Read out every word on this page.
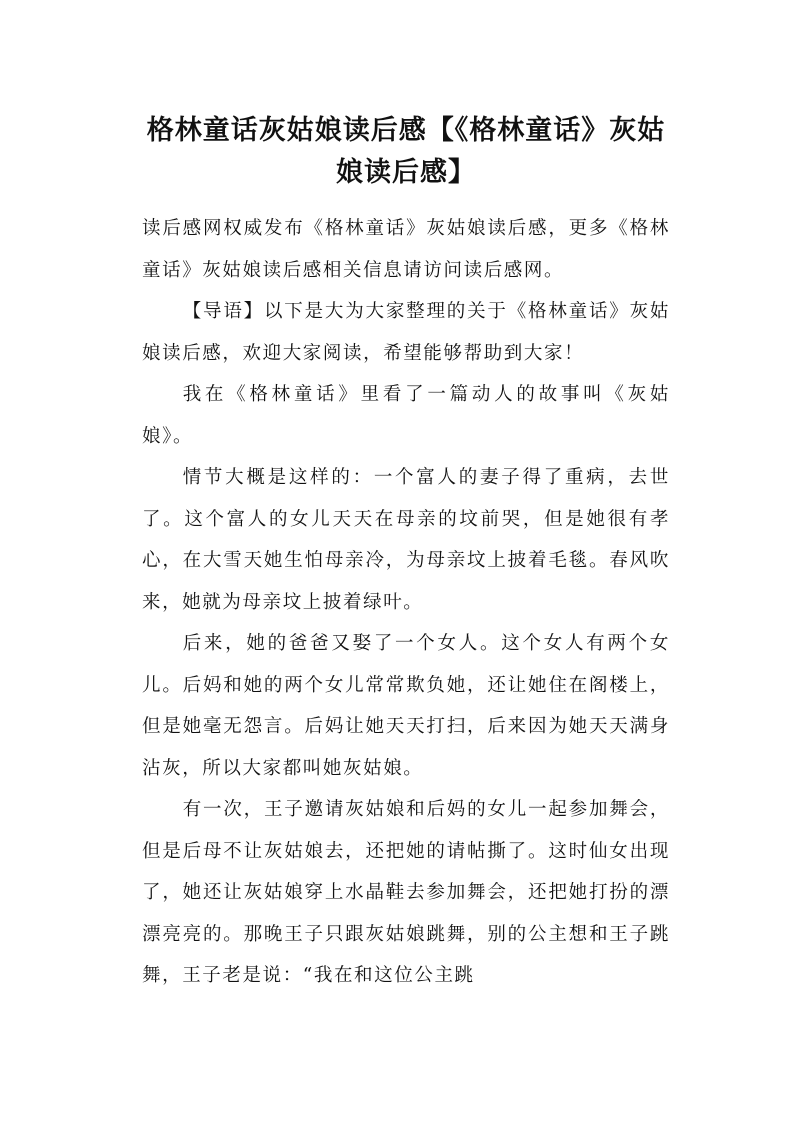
格林童话灰姑娘读后感【《格林童话》灰姑娘读后感】

读后感网权威发布《格林童话》灰姑娘读后感，更多《格林童话》灰姑娘读后感相关信息请访问读后感网。

【导语】以下是大为大家整理的关于《格林童话》灰姑娘读后感，欢迎大家阅读，希望能够帮助到大家！

我在《格林童话》里看了一篇动人的故事叫《灰姑娘》。

情节大概是这样的：一个富人的妻子得了重病，去世了。这个富人的女儿天天在母亲的坟前哭，但是她很有孝心，在大雪天她生怕母亲冷，为母亲坟上披着毛毯。春风吹来，她就为母亲坟上披着绿叶。

后来，她的爸爸又娶了一个女人。这个女人有两个女儿。后妈和她的两个女儿常常欺负她，还让她住在阁楼上，但是她毫无怨言。后妈让她天天打扫，后来因为她天天满身沾灰，所以大家都叫她灰姑娘。

有一次，王子邀请灰姑娘和后妈的女儿一起参加舞会，但是后母不让灰姑娘去，还把她的请帖撕了。这时仙女出现了，她还让灰姑娘穿上水晶鞋去参加舞会，还把她打扮的漂漂亮亮的。那晚王子只跟灰姑娘跳舞，别的公主想和王子跳舞，王子老是说：“我在和这位公主跳
